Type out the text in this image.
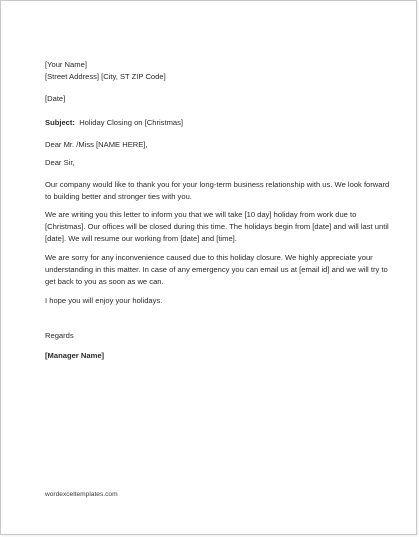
[Your Name]
[Street Address] [City, ST ZIP Code]
[Date]
Subject: Holiday Closing on [Christmas]
Dear Mr. /Miss [NAME HERE],
Dear Sir,

Our company would like to thank you for your long-term business relationship with us. We look forward to building better and stronger ties with you.

We are writing you this letter to inform you that we will take [10 day] holiday from work due to [Christmas]. Our offices will be closed during this time. The holidays begin from [date] and will last until [date]. We will resume our working from [date] and [time].

We are sorry for any inconvenience caused due to this holiday closure. We highly appreciate your understanding in this matter. In case of any emergency you can email us at [email id] and we will try to get back to you as soon as we can.

I hope you will enjoy your holidays.

Regards
[Manager Name]
wordexceltemplates.com
